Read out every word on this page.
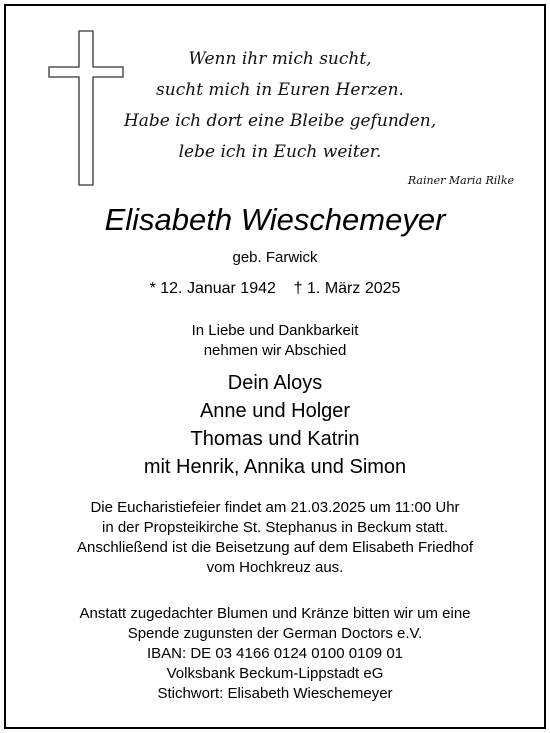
Wenn ihr mich sucht,
sucht mich in Euren Herzen.
Habe ich dort eine Bleibe gefunden,
lebe ich in Euch weiter.
Rainer Maria Rilke
Elisabeth Wieschemeyer
geb. Farwick
* 12. Januar 1942    † 1. März 2025
In Liebe und Dankbarkeit
nehmen wir Abschied
Dein Aloys
Anne und Holger
Thomas und Katrin
mit Henrik, Annika und Simon
Die Eucharistiefeier findet am 21.03.2025 um 11:00 Uhr
in der Propsteikirche St. Stephanus in Beckum statt.
Anschließend ist die Beisetzung auf dem Elisabeth Friedhof
vom Hochkreuz aus.
Anstatt zugedachter Blumen und Kränze bitten wir um eine
Spende zugunsten der German Doctors e.V.
IBAN: DE 03 4166 0124 0100 0109 01
Volksbank Beckum-Lippstadt eG
Stichwort: Elisabeth Wieschemeyer
